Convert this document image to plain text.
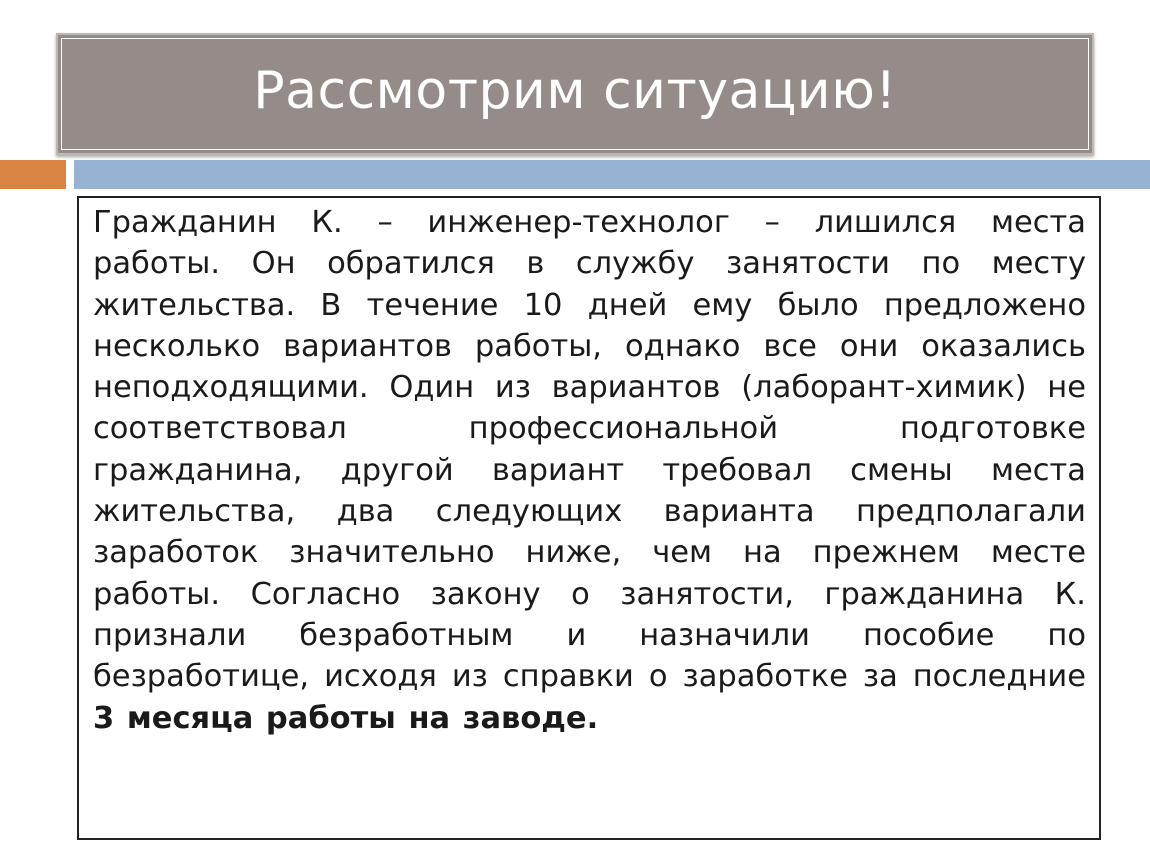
Рассмотрим ситуацию!

Гражданин К. – инженер-технолог – лишился места работы. Он обратился в службу занятости по месту жительства. В течение 10 дней ему было предложено несколько вариантов работы, однако все они оказались неподходящими. Один из вариантов (лаборант-химик) не соответствовал профессиональной подготовке гражданина, другой вариант требовал смены места жительства, два следующих варианта предполагали заработок значительно ниже, чем на прежнем месте работы. Согласно закону о занятости, гражданина К. признали безработным и назначили пособие по безработице, исходя из справки о заработке за последние 3 месяца работы на заводе.
